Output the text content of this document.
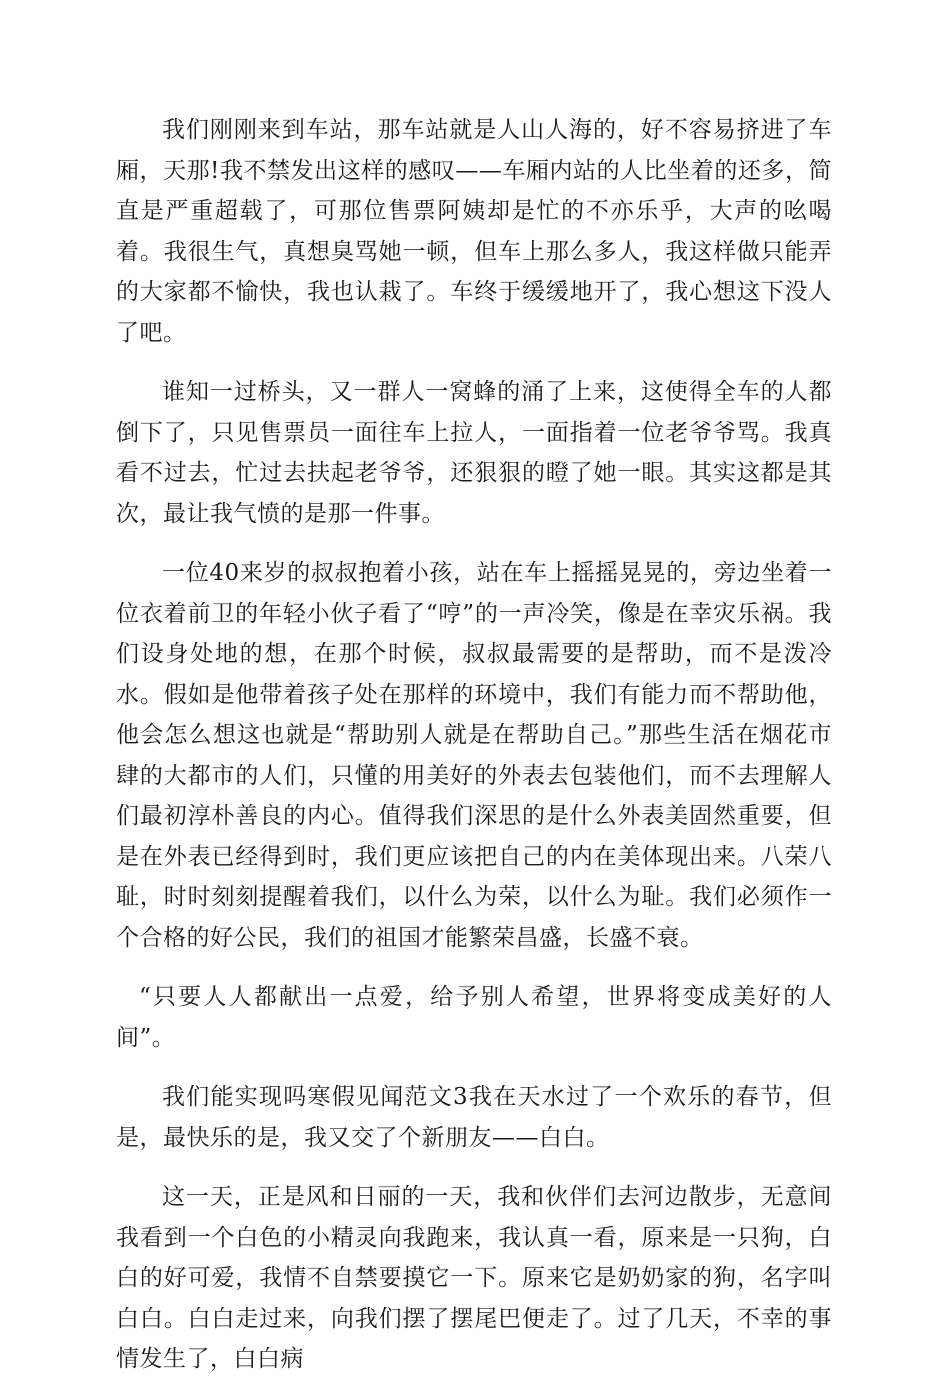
我们刚刚来到车站，那车站就是人山人海的，好不容易挤进了车厢，天那!我不禁发出这样的感叹——车厢内站的人比坐着的还多，简直是严重超载了，可那位售票阿姨却是忙的不亦乐乎，大声的吆喝着。我很生气，真想臭骂她一顿，但车上那么多人，我这样做只能弄的大家都不愉快，我也认栽了。车终于缓缓地开了，我心想这下没人了吧。

谁知一过桥头，又一群人一窝蜂的涌了上来，这使得全车的人都倒下了，只见售票员一面往车上拉人，一面指着一位老爷爷骂。我真看不过去，忙过去扶起老爷爷，还狠狠的瞪了她一眼。其实这都是其次，最让我气愤的是那一件事。

一位40来岁的叔叔抱着小孩，站在车上摇摇晃晃的，旁边坐着一位衣着前卫的年轻小伙子看了“哼”的一声冷笑，像是在幸灾乐祸。我们设身处地的想，在那个时候，叔叔最需要的是帮助，而不是泼冷水。假如是他带着孩子处在那样的环境中，我们有能力而不帮助他，他会怎么想这也就是“帮助别人就是在帮助自己。”那些生活在烟花市肆的大都市的人们，只懂的用美好的外表去包装他们，而不去理解人们最初淳朴善良的内心。值得我们深思的是什么外表美固然重要，但是在外表已经得到时，我们更应该把自己的内在美体现出来。八荣八耻，时时刻刻提醒着我们，以什么为荣，以什么为耻。我们必须作一个合格的好公民，我们的祖国才能繁荣昌盛，长盛不衰。

“只要人人都献出一点爱，给予别人希望，世界将变成美好的人间”。

我们能实现吗寒假见闻范文3我在天水过了一个欢乐的春节，但是，最快乐的是，我又交了个新朋友——白白。

这一天，正是风和日丽的一天，我和伙伴们去河边散步，无意间我看到一个白色的小精灵向我跑来，我认真一看，原来是一只狗，白白的好可爱，我情不自禁要摸它一下。原来它是奶奶家的狗，名字叫白白。白白走过来，向我们摆了摆尾巴便走了。过了几天，不幸的事情发生了，白白病
